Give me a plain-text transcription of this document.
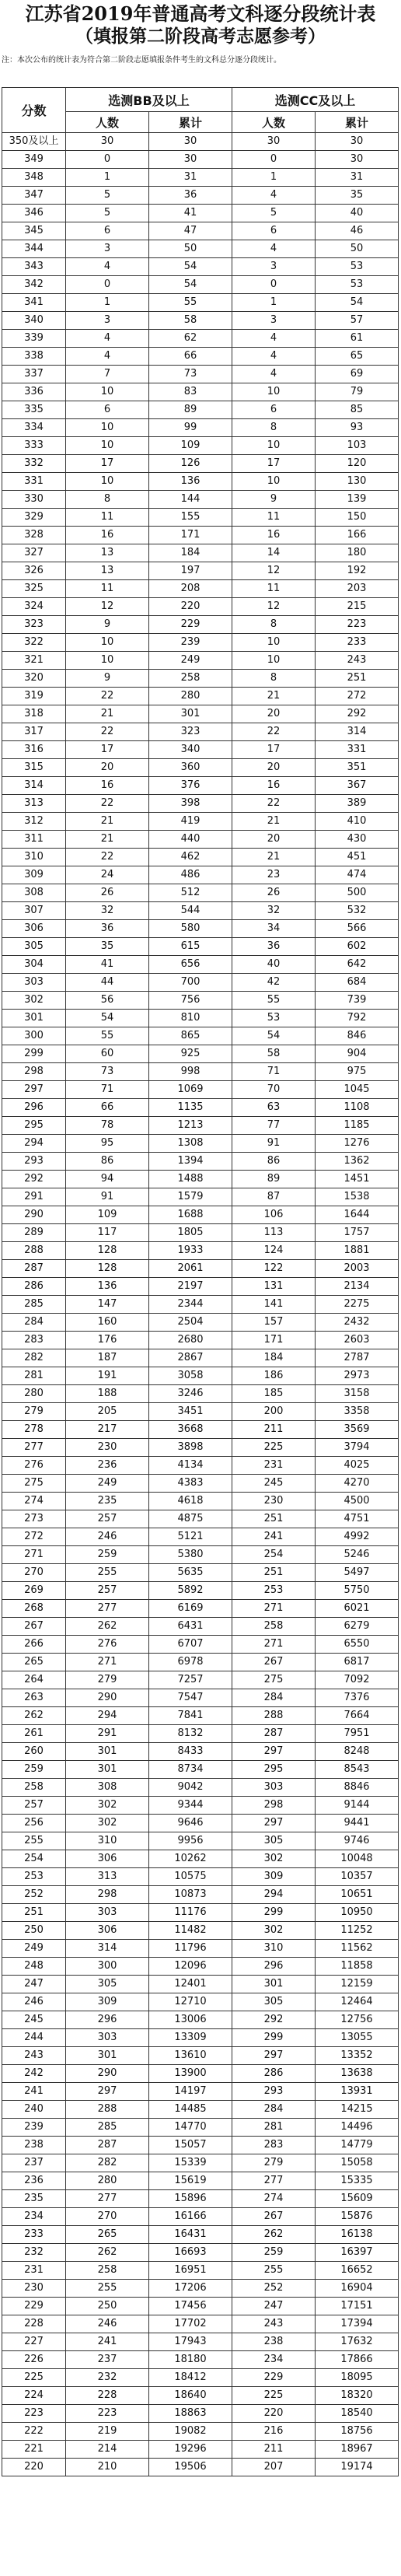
江苏省2019年普通高考文科逐分段统计表
（填报第二阶段高考志愿参考）
注：本次公布的统计表为符合第二阶段志愿填报条件考生的文科总分逐分段统计。
分数	选测BB及以上		选测CC及以上	
	人数	累计	人数	累计
350及以上	30	30	30	30
349	0	30	0	30
348	1	31	1	31
347	5	36	4	35
346	5	41	5	40
345	6	47	6	46
344	3	50	4	50
343	4	54	3	53
342	0	54	0	53
341	1	55	1	54
340	3	58	3	57
339	4	62	4	61
338	4	66	4	65
337	7	73	4	69
336	10	83	10	79
335	6	89	6	85
334	10	99	8	93
333	10	109	10	103
332	17	126	17	120
331	10	136	10	130
330	8	144	9	139
329	11	155	11	150
328	16	171	16	166
327	13	184	14	180
326	13	197	12	192
325	11	208	11	203
324	12	220	12	215
323	9	229	8	223
322	10	239	10	233
321	10	249	10	243
320	9	258	8	251
319	22	280	21	272
318	21	301	20	292
317	22	323	22	314
316	17	340	17	331
315	20	360	20	351
314	16	376	16	367
313	22	398	22	389
312	21	419	21	410
311	21	440	20	430
310	22	462	21	451
309	24	486	23	474
308	26	512	26	500
307	32	544	32	532
306	36	580	34	566
305	35	615	36	602
304	41	656	40	642
303	44	700	42	684
302	56	756	55	739
301	54	810	53	792
300	55	865	54	846
299	60	925	58	904
298	73	998	71	975
297	71	1069	70	1045
296	66	1135	63	1108
295	78	1213	77	1185
294	95	1308	91	1276
293	86	1394	86	1362
292	94	1488	89	1451
291	91	1579	87	1538
290	109	1688	106	1644
289	117	1805	113	1757
288	128	1933	124	1881
287	128	2061	122	2003
286	136	2197	131	2134
285	147	2344	141	2275
284	160	2504	157	2432
283	176	2680	171	2603
282	187	2867	184	2787
281	191	3058	186	2973
280	188	3246	185	3158
279	205	3451	200	3358
278	217	3668	211	3569
277	230	3898	225	3794
276	236	4134	231	4025
275	249	4383	245	4270
274	235	4618	230	4500
273	257	4875	251	4751
272	246	5121	241	4992
271	259	5380	254	5246
270	255	5635	251	5497
269	257	5892	253	5750
268	277	6169	271	6021
267	262	6431	258	6279
266	276	6707	271	6550
265	271	6978	267	6817
264	279	7257	275	7092
263	290	7547	284	7376
262	294	7841	288	7664
261	291	8132	287	7951
260	301	8433	297	8248
259	301	8734	295	8543
258	308	9042	303	8846
257	302	9344	298	9144
256	302	9646	297	9441
255	310	9956	305	9746
254	306	10262	302	10048
253	313	10575	309	10357
252	298	10873	294	10651
251	303	11176	299	10950
250	306	11482	302	11252
249	314	11796	310	11562
248	300	12096	296	11858
247	305	12401	301	12159
246	309	12710	305	12464
245	296	13006	292	12756
244	303	13309	299	13055
243	301	13610	297	13352
242	290	13900	286	13638
241	297	14197	293	13931
240	288	14485	284	14215
239	285	14770	281	14496
238	287	15057	283	14779
237	282	15339	279	15058
236	280	15619	277	15335
235	277	15896	274	15609
234	270	16166	267	15876
233	265	16431	262	16138
232	262	16693	259	16397
231	258	16951	255	16652
230	255	17206	252	16904
229	250	17456	247	17151
228	246	17702	243	17394
227	241	17943	238	17632
226	237	18180	234	17866
225	232	18412	229	18095
224	228	18640	225	18320
223	223	18863	220	18540
222	219	19082	216	18756
221	214	19296	211	18967
220	210	19506	207	19174
